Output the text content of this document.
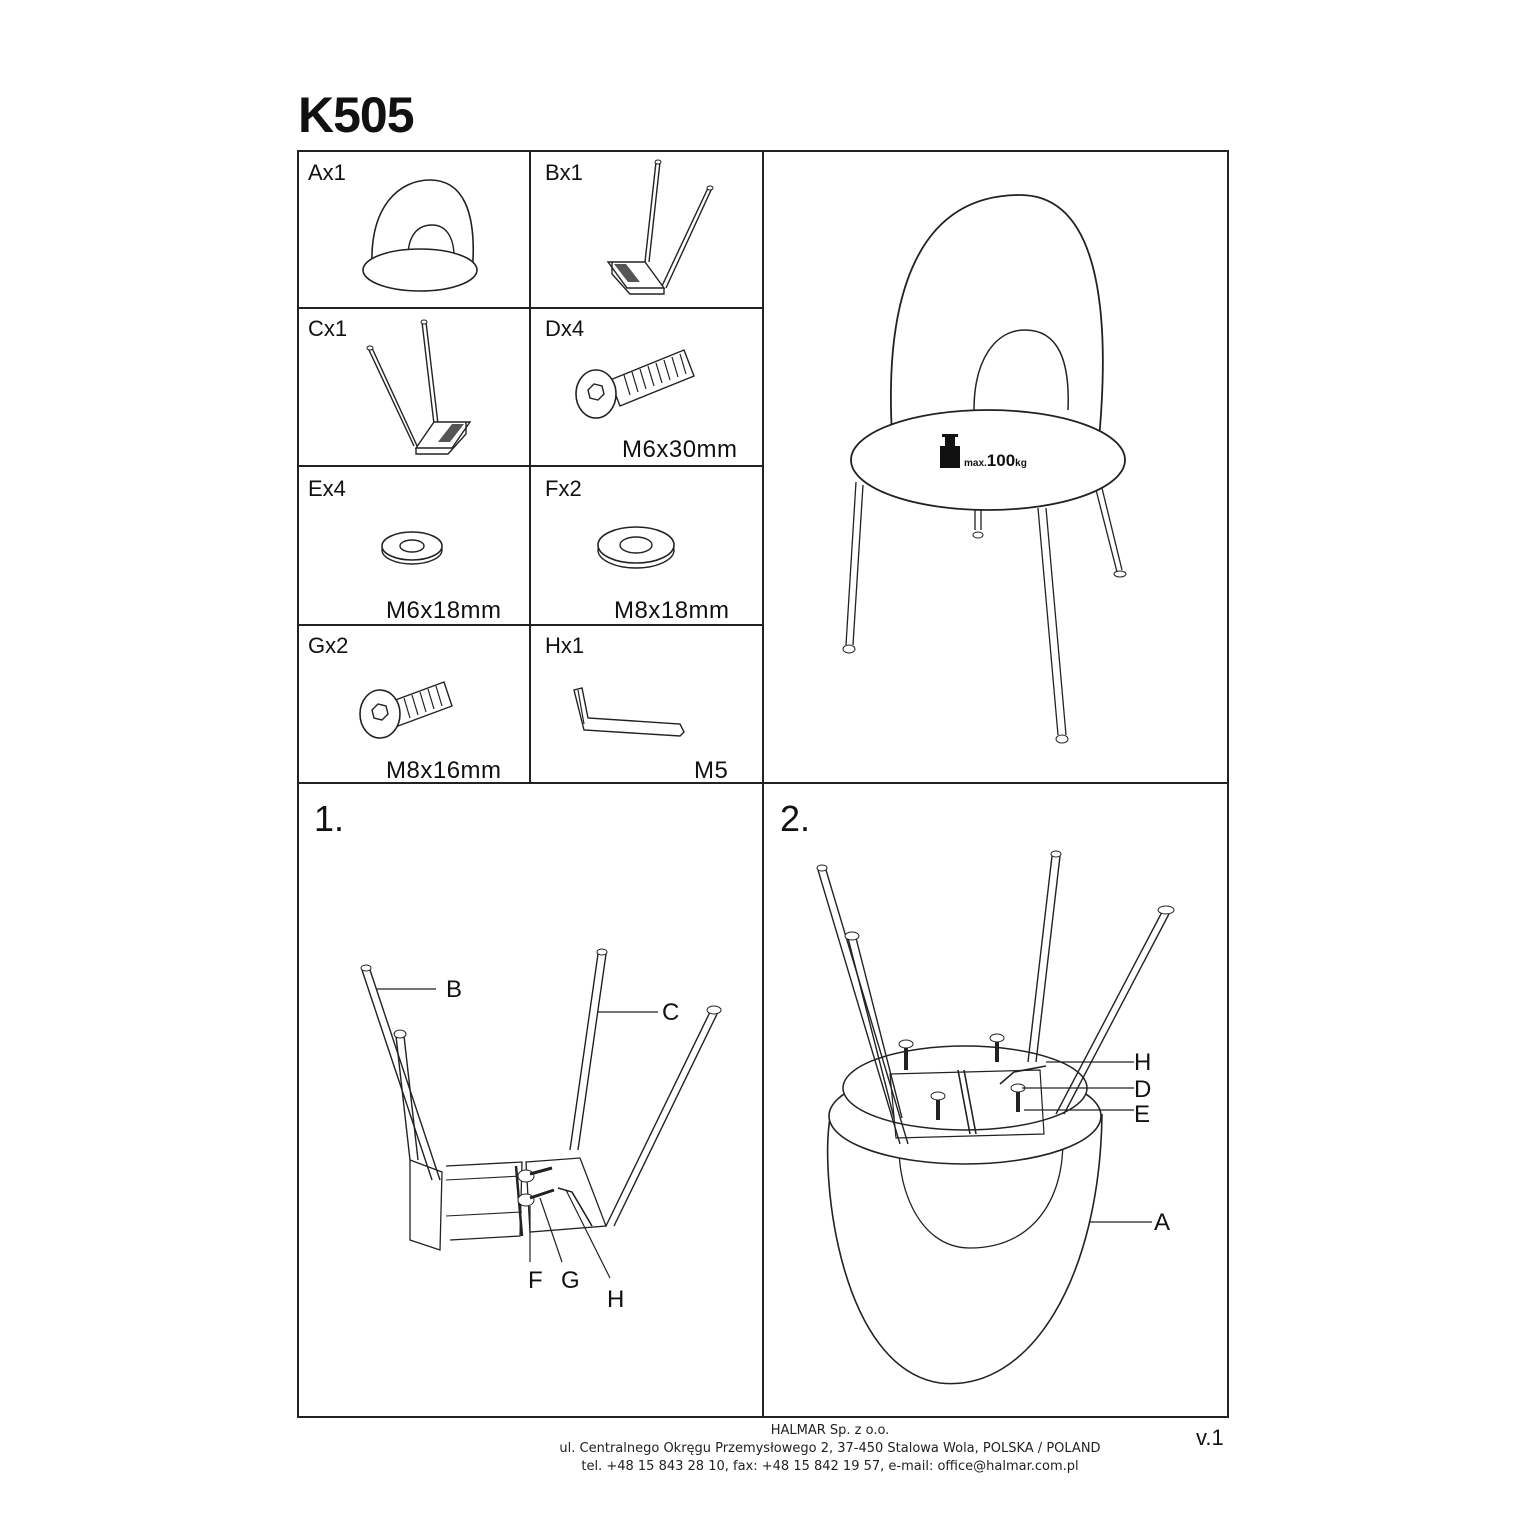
K505
Ax1	Bx1
Cx1	Dx4
M6x30mm
Ex4
M6x18mm
Fx2
M8x18mm
Gx2
M8x16mm
Hx1
M5
max.100kg
1.
B
C
F G
H
2.
H
D
E
A
HALMAR Sp. z o.o.
ul. Centralnego Okręgu Przemysłowego 2, 37-450 Stalowa Wola, POLSKA / POLAND
tel. +48 15 843 28 10, fax: +48 15 842 19 57, e-mail: office@halmar.com.pl
v.1
